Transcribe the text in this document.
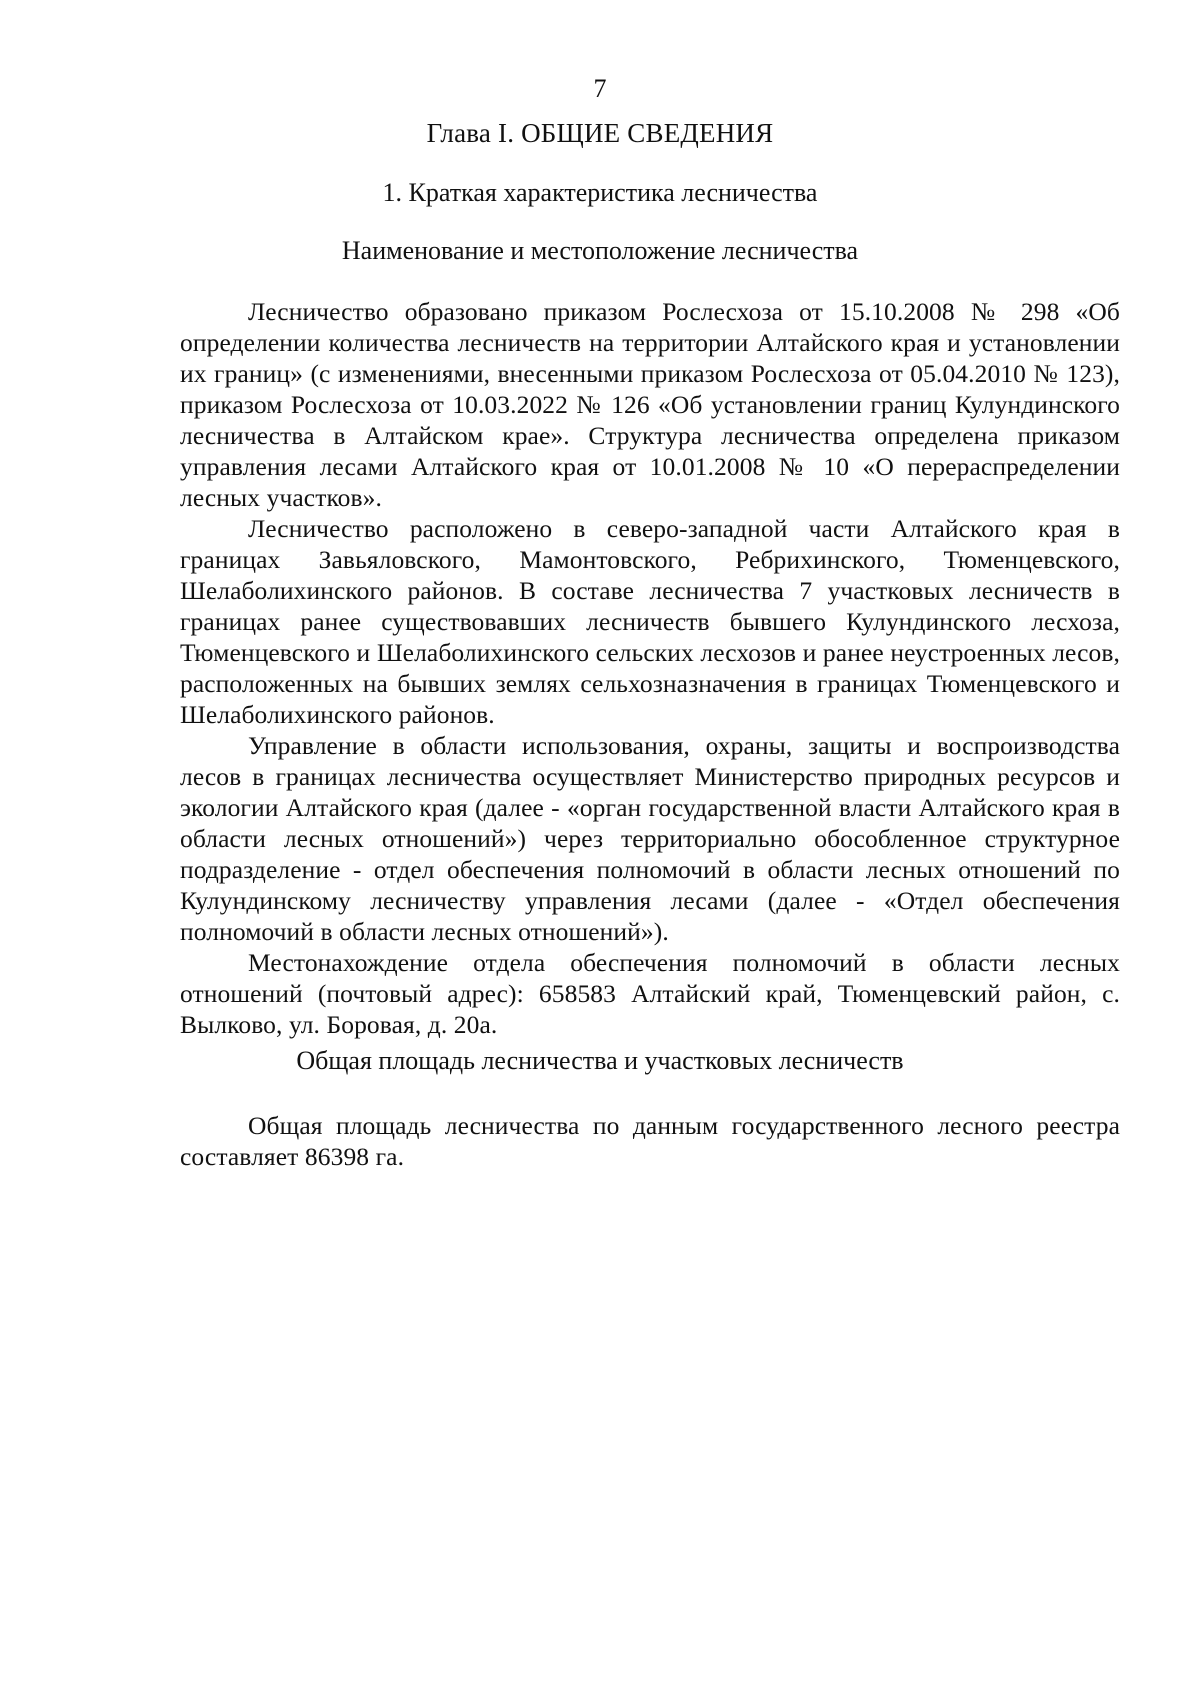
7
Глава I. ОБЩИЕ СВЕДЕНИЯ
1. Краткая характеристика лесничества
Наименование и местоположение лесничества

Лесничество образовано приказом Рослесхоза от 15.10.2008 № 298 «Об определении количества лесничеств на территории Алтайского края и установлении их границ» (с изменениями, внесенными приказом Рослесхоза от 05.04.2010 № 123), приказом Рослесхоза от 10.03.2022 № 126 «Об установлении границ Кулундинского лесничества в Алтайском крае». Структура лесничества определена приказом управления лесами Алтайского края от 10.01.2008 № 10 «О перераспределении лесных участков».

Лесничество расположено в северо-западной части Алтайского края в границах Завьяловского, Мамонтовского, Ребрихинского, Тюменцевского, Шелаболихинского районов. В составе лесничества 7 участковых лесничеств в границах ранее существовавших лесничеств бывшего Кулундинского лесхоза, Тюменцевского и Шелаболихинского сельских лесхозов и ранее неустроенных лесов, расположенных на бывших землях сельхозназначения в границах Тюменцевского и Шелаболихинского районов.

Управление в области использования, охраны, защиты и воспроизводства лесов в границах лесничества осуществляет Министерство природных ресурсов и экологии Алтайского края (далее - «орган государственной власти Алтайского края в области лесных отношений») через территориально обособленное структурное подразделение - отдел обеспечения полномочий в области лесных отношений по Кулундинскому лесничеству управления лесами (далее - «Отдел обеспечения полномочий в области лесных отношений»).

Местонахождение отдела обеспечения полномочий в области лесных отношений (почтовый адрес): 658583 Алтайский край, Тюменцевский район, с. Вылково, ул. Боровая, д. 20а.

Общая площадь лесничества и участковых лесничеств

Общая площадь лесничества по данным государственного лесного реестра составляет 86398 га.
